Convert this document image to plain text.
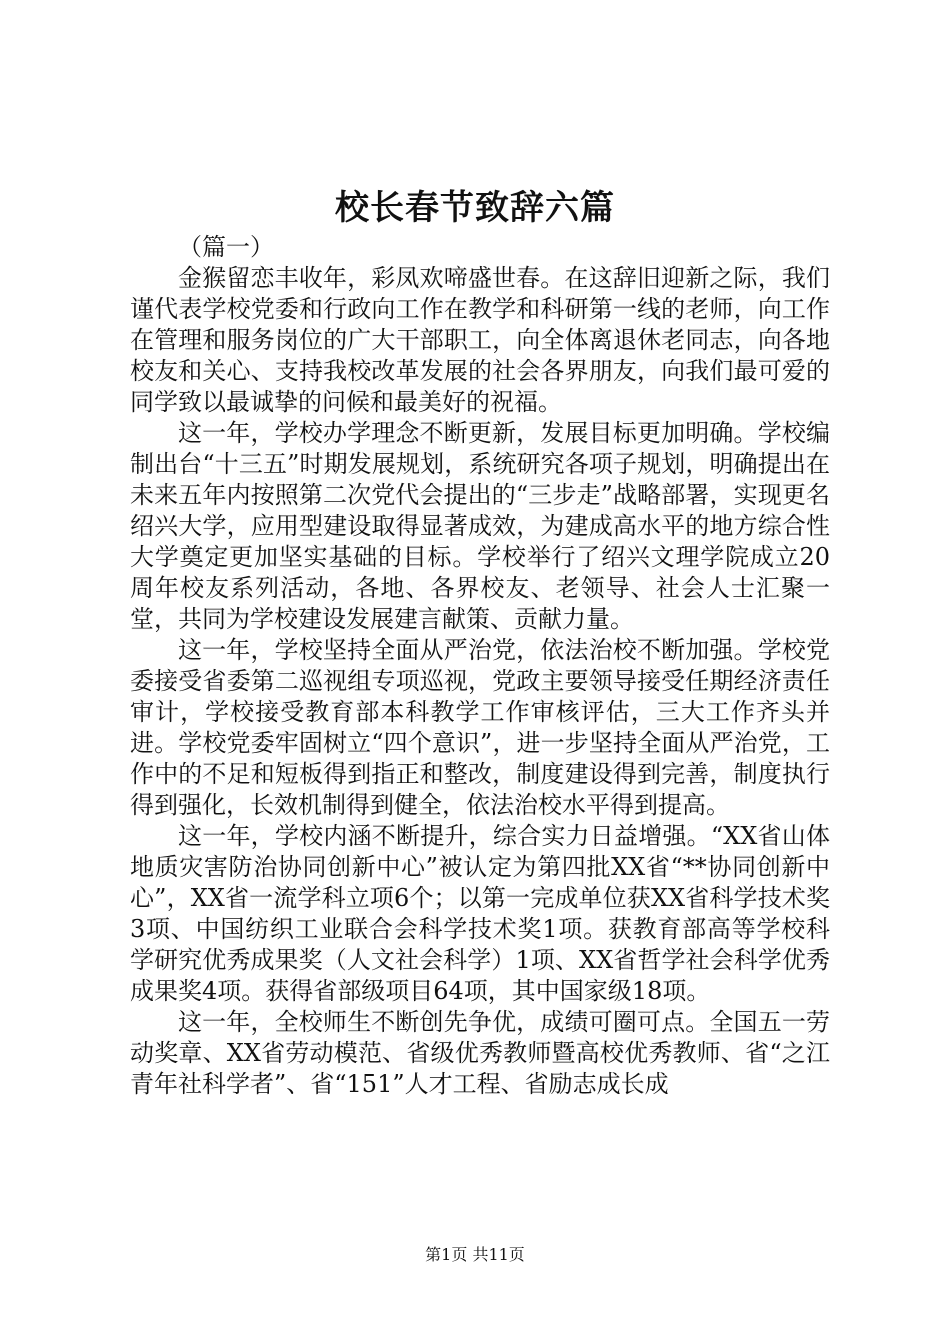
校长春节致辞六篇

（篇一）

金猴留恋丰收年，彩凤欢啼盛世春。在这辞旧迎新之际，我们谨代表学校党委和行政向工作在教学和科研第一线的老师，向工作在管理和服务岗位的广大干部职工，向全体离退休老同志，向各地校友和关心、支持我校改革发展的社会各界朋友，向我们最可爱的同学致以最诚挚的问候和最美好的祝福。

这一年，学校办学理念不断更新，发展目标更加明确。学校编制出台“十三五”时期发展规划，系统研究各项子规划，明确提出在未来五年内按照第二次党代会提出的“三步走”战略部署，实现更名绍兴大学，应用型建设取得显著成效，为建成高水平的地方综合性大学奠定更加坚实基础的目标。学校举行了绍兴文理学院成立20周年校友系列活动，各地、各界校友、老领导、社会人士汇聚一堂，共同为学校建设发展建言献策、贡献力量。

这一年，学校坚持全面从严治党，依法治校不断加强。学校党委接受省委第二巡视组专项巡视，党政主要领导接受任期经济责任审计，学校接受教育部本科教学工作审核评估，三大工作齐头并进。学校党委牢固树立“四个意识”，进一步坚持全面从严治党，工作中的不足和短板得到指正和整改，制度建设得到完善，制度执行得到强化，长效机制得到健全，依法治校水平得到提高。

这一年，学校内涵不断提升，综合实力日益增强。“XX省山体地质灾害防治协同创新中心”被认定为第四批XX省“**协同创新中心”，XX省一流学科立项6个；以第一完成单位获XX省科学技术奖3项、中国纺织工业联合会科学技术奖1项。获教育部高等学校科学研究优秀成果奖（人文社会科学）1项、XX省哲学社会科学优秀成果奖4项。获得省部级项目64项，其中国家级18项。

这一年，全校师生不断创先争优，成绩可圈可点。全国五一劳动奖章、XX省劳动模范、省级优秀教师暨高校优秀教师、省“之江青年社科学者”、省“151”人才工程、省励志成长成

第1页 共11页
